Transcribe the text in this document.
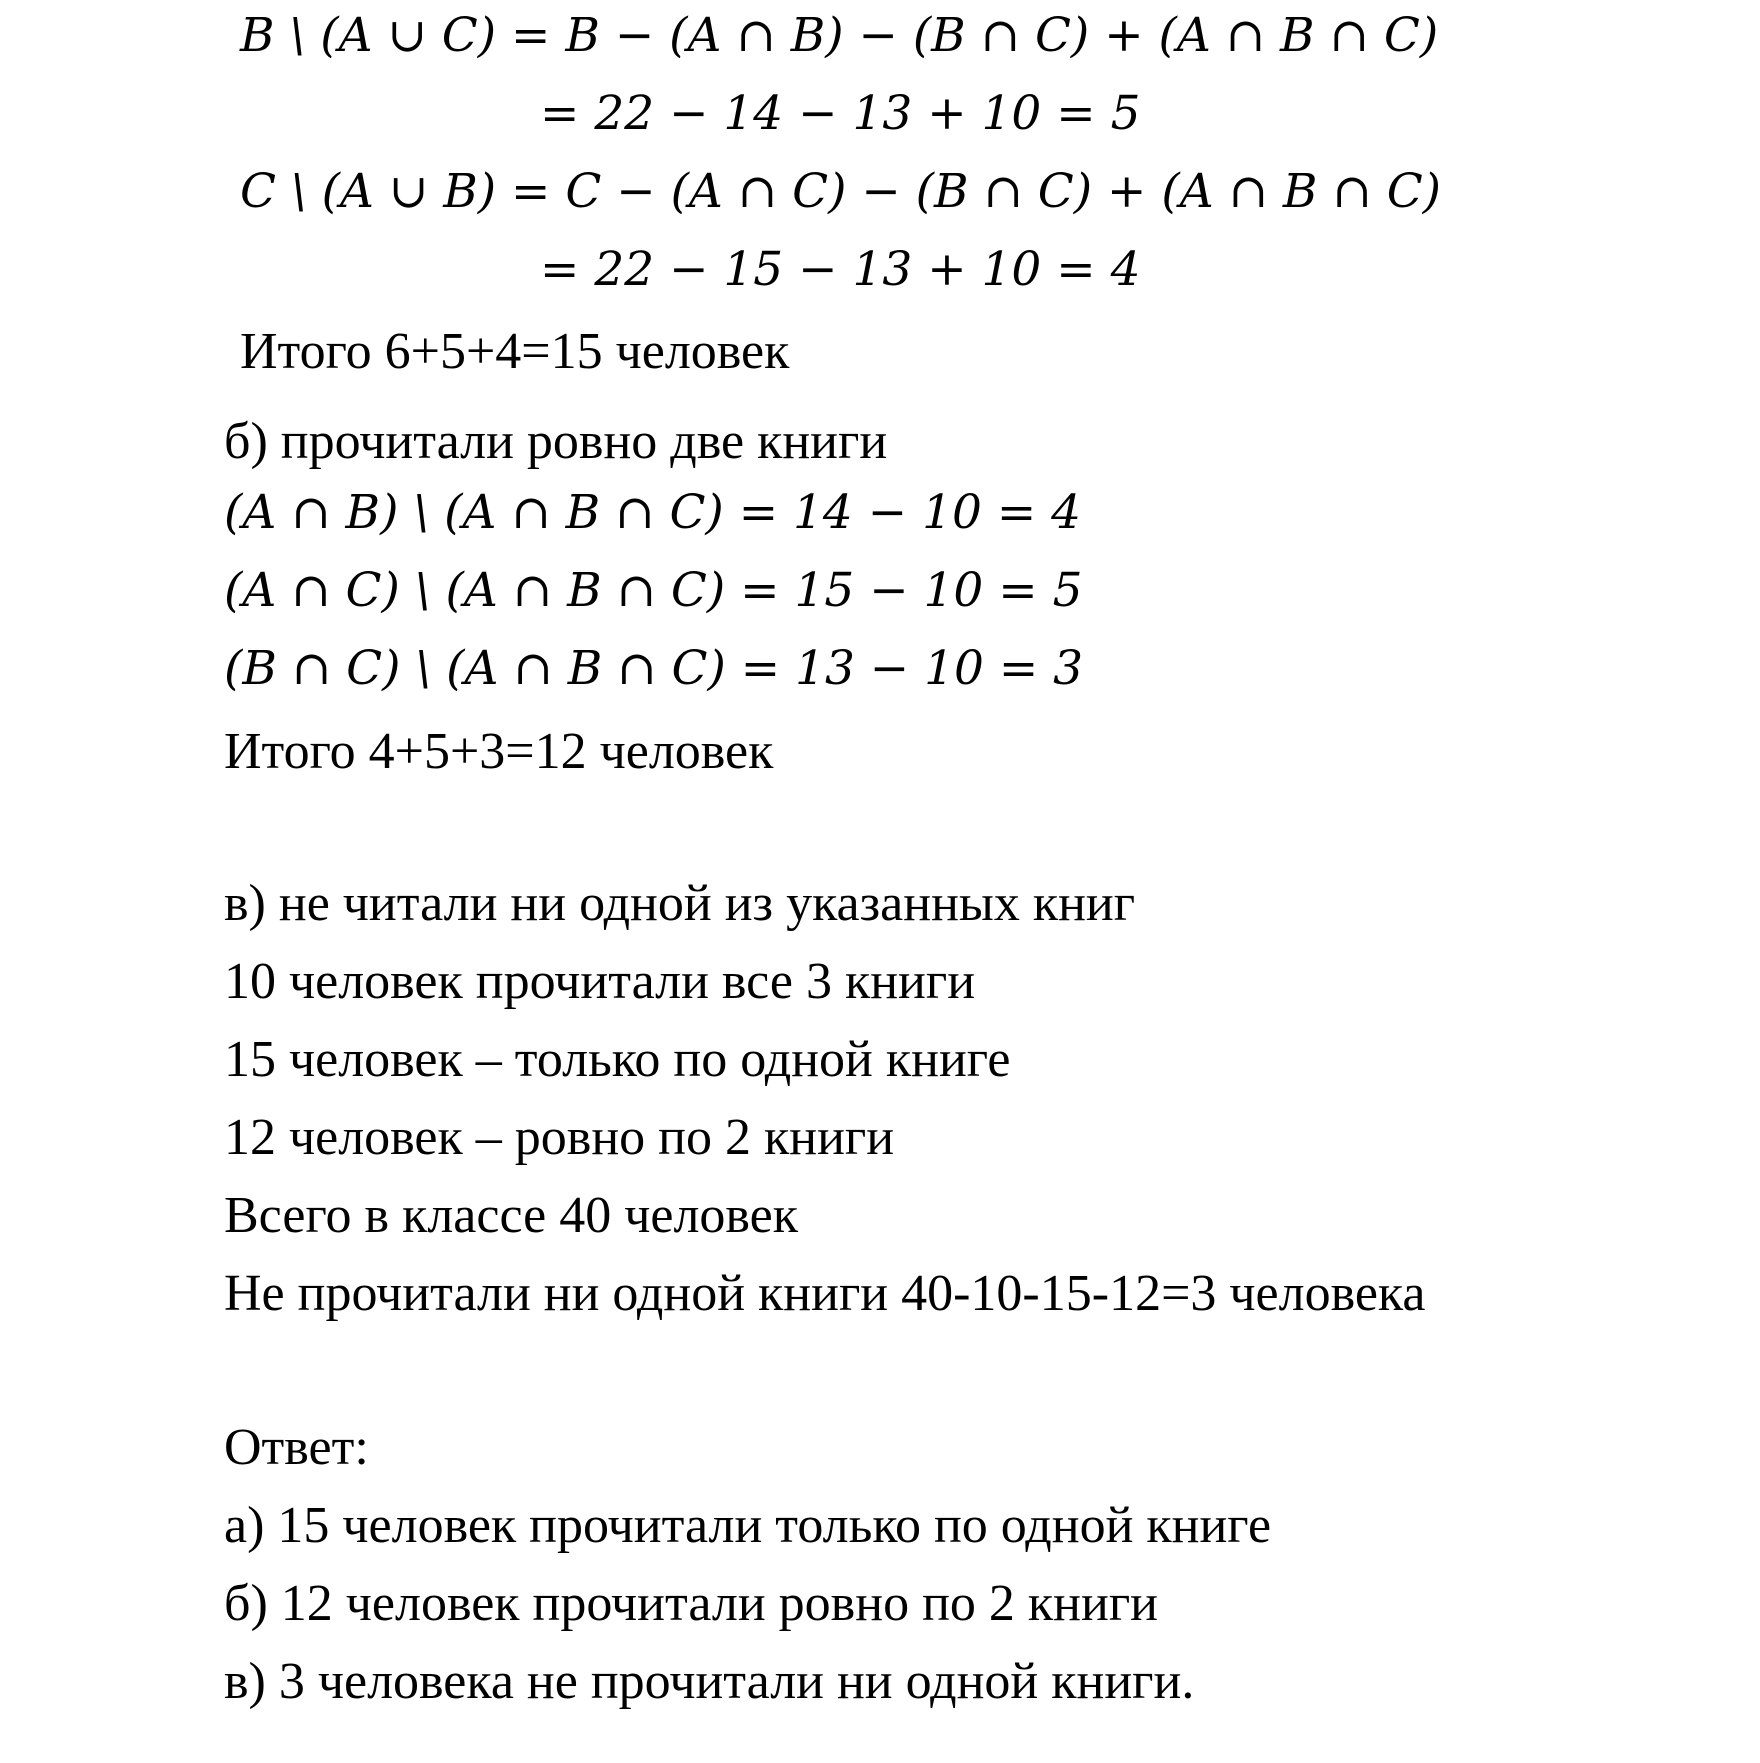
B \ (A ∪ C) = B − (A ∩ B) − (B ∩ C) + (A ∩ B ∩ C)
= 22 − 14 − 13 + 10 = 5
C \ (A ∪ B) = C − (A ∩ C) − (B ∩ C) + (A ∩ B ∩ C)
= 22 − 15 − 13 + 10 = 4
Итого 6+5+4=15 человек
б) прочитали ровно две книги
(A ∩ B) \ (A ∩ B ∩ C) = 14 − 10 = 4
(A ∩ C) \ (A ∩ B ∩ C) = 15 − 10 = 5
(B ∩ C) \ (A ∩ B ∩ C) = 13 − 10 = 3
Итого 4+5+3=12 человек
в) не читали ни одной из указанных книг
10 человек прочитали все 3 книги
15 человек – только по одной книге
12 человек – ровно по 2 книги
Всего в классе 40 человек
Не прочитали ни одной книги 40-10-15-12=3 человека
Ответ:
а) 15 человек прочитали только по одной книге
б) 12 человек прочитали ровно по 2 книги
в) 3 человека не прочитали ни одной книги.
